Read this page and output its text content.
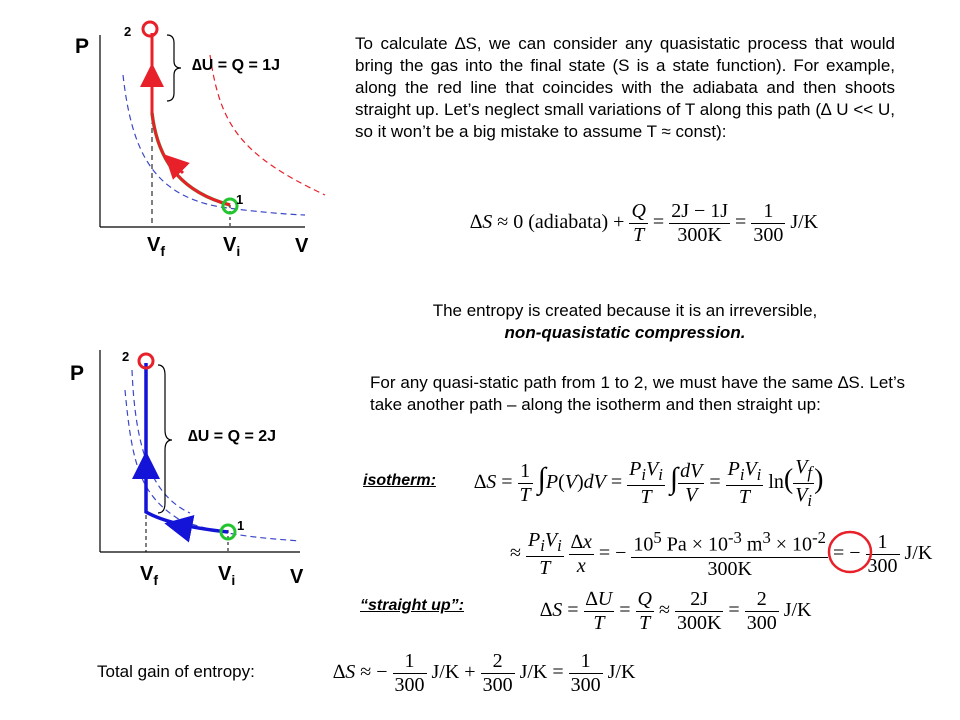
P
V
$V_f$	$V_i$
2
1
∆U = Q = 1J
P
V
$V_f$	$V_i$
2
1
∆U = Q = 2J
To calculate ∆S, we can consider any quasistatic process that would bring the gas into the final state (S is a state function). For example, along the red line that coincides with the adiabata and then shoots straight up. Let’s neglect small variations of T along this path (∆ U << U, so it won’t be a big mistake to assume T ≈ const):
∆S ≈ 0 (adiabata) + $\frac{Q}{T} = \frac{2J - 1J}{300K} = \frac{1}{300} J/K$
The entropy is created because it is an irreversible,
non-quasistatic compression.
For any quasi-static path from 1 to 2, we must have the same ∆S. Let’s take another path – along the isotherm and then straight up:
isotherm: $\Delta S = \frac{1}{T} \int P(V)dV = \frac{P_iV_i}{T}$ ∫ $\frac{dV}{V} = \frac{P_iV_i}{T} \ln( \frac{V_f}{V_i}$ )
≈ $\frac{P_iV_i}{T}$
$\frac{\Delta x}{x}$ = − $\frac{10^5 Pa \times 10^{-3} m^3 \times 10^{-2}}{300K}$ = − $\frac{1}{300} J/K$
“straight up”:	$\Delta S = \frac{\Delta U}{T} = \frac{Q}{T} \approx \frac{2J}{300K} = \frac{2}{300} J/K$
Total gain of entropy:	∆S ≈ − $\frac{1}{300} J/K + \frac{2}{300} J/K = \frac{1}{300} J/K$
